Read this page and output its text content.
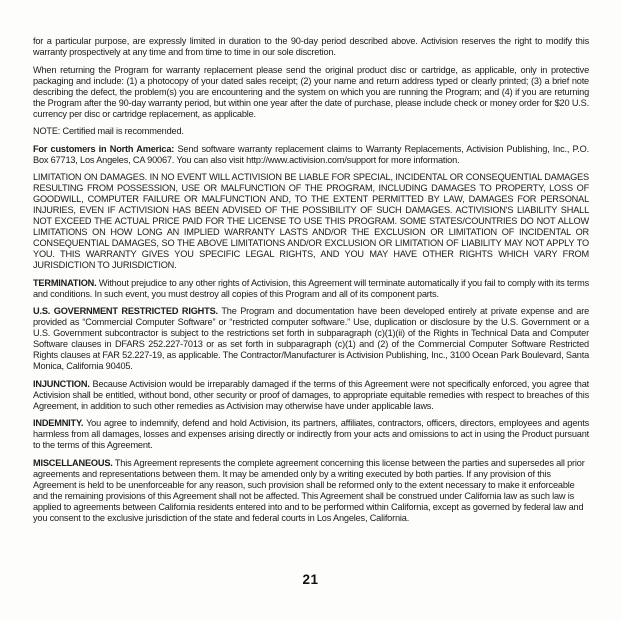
for a particular purpose, are expressly limited in duration to the 90-day period described above. Activision reserves the right to modify this warranty prospectively at any time and from time to time in our sole discretion.

When returning the Program for warranty replacement please send the original product disc or cartridge, as applicable, only in protective packaging and include: (1) a photocopy of your dated sales receipt; (2) your name and return address typed or clearly printed; (3) a brief note describing the defect, the problem(s) you are encountering and the system on which you are running the Program; and (4) if you are returning the Program after the 90-day warranty period, but within one year after the date of purchase, please include check or money order for $20 U.S. currency per disc or cartridge replacement, as applicable.

NOTE: Certified mail is recommended.

For customers in North America: Send software warranty replacement claims to Warranty Replacements, Activision Publishing, Inc., P.O. Box 67713, Los Angeles, CA 90067. You can also visit http://www.activision.com/support for more information.

LIMITATION ON DAMAGES. IN NO EVENT WILL ACTIVISION BE LIABLE FOR SPECIAL, INCIDENTAL OR CONSEQUENTIAL DAMAGES RESULTING FROM POSSESSION, USE OR MALFUNCTION OF THE PROGRAM, INCLUDING DAMAGES TO PROPERTY, LOSS OF GOODWILL, COMPUTER FAILURE OR MALFUNCTION AND, TO THE EXTENT PERMITTED BY LAW, DAMAGES FOR PERSONAL INJURIES, EVEN IF ACTIVISION HAS BEEN ADVISED OF THE POSSIBILITY OF SUCH DAMAGES. ACTIVISION'S LIABILITY SHALL NOT EXCEED THE ACTUAL PRICE PAID FOR THE LICENSE TO USE THIS PROGRAM. SOME STATES/COUNTRIES DO NOT ALLOW LIMITATIONS ON HOW LONG AN IMPLIED WARRANTY LASTS AND/OR THE EXCLUSION OR LIMITATION OF INCIDENTAL OR CONSEQUENTIAL DAMAGES, SO THE ABOVE LIMITATIONS AND/OR EXCLUSION OR LIMITATION OF LIABILITY MAY NOT APPLY TO YOU. THIS WARRANTY GIVES YOU SPECIFIC LEGAL RIGHTS, AND YOU MAY HAVE OTHER RIGHTS WHICH VARY FROM JURISDICTION TO JURISDICTION.

TERMINATION. Without prejudice to any other rights of Activision, this Agreement will terminate automatically if you fail to comply with its terms and conditions. In such event, you must destroy all copies of this Program and all of its component parts.

U.S. GOVERNMENT RESTRICTED RIGHTS. The Program and documentation have been developed entirely at private expense and are provided as “Commercial Computer Software” or “restricted computer software.” Use, duplication or disclosure by the U.S. Government or a U.S. Government subcontractor is subject to the restrictions set forth in subparagraph (c)(1)(ii) of the Rights in Technical Data and Computer Software clauses in DFARS 252.227-7013 or as set forth in subparagraph (c)(1) and (2) of the Commercial Computer Software Restricted Rights clauses at FAR 52.227-19, as applicable. The Contractor/Manufacturer is Activision Publishing, Inc., 3100 Ocean Park Boulevard, Santa Monica, California 90405.

INJUNCTION. Because Activision would be irreparably damaged if the terms of this Agreement were not specifically enforced, you agree that Activision shall be entitled, without bond, other security or proof of damages, to appropriate equitable remedies with respect to breaches of this Agreement, in addition to such other remedies as Activision may otherwise have under applicable laws.

INDEMNITY. You agree to indemnify, defend and hold Activision, its partners, affiliates, contractors, officers, directors, employees and agents harmless from all damages, losses and expenses arising directly or indirectly from your acts and omissions to act in using the Product pursuant to the terms of this Agreement.

MISCELLANEOUS. This Agreement represents the complete agreement concerning this license between the parties and supersedes all prior agreements and representations between them. It may be amended only by a writing executed by both parties. If any provision of this Agreement is held to be unenforceable for any reason, such provision shall be reformed only to the extent necessary to make it enforceable and the remaining provisions of this Agreement shall not be affected. This Agreement shall be construed under California law as such law is applied to agreements between California residents entered into and to be performed within California, except as governed by federal law and you consent to the exclusive jurisdiction of the state and federal courts in Los Angeles, California.

21
